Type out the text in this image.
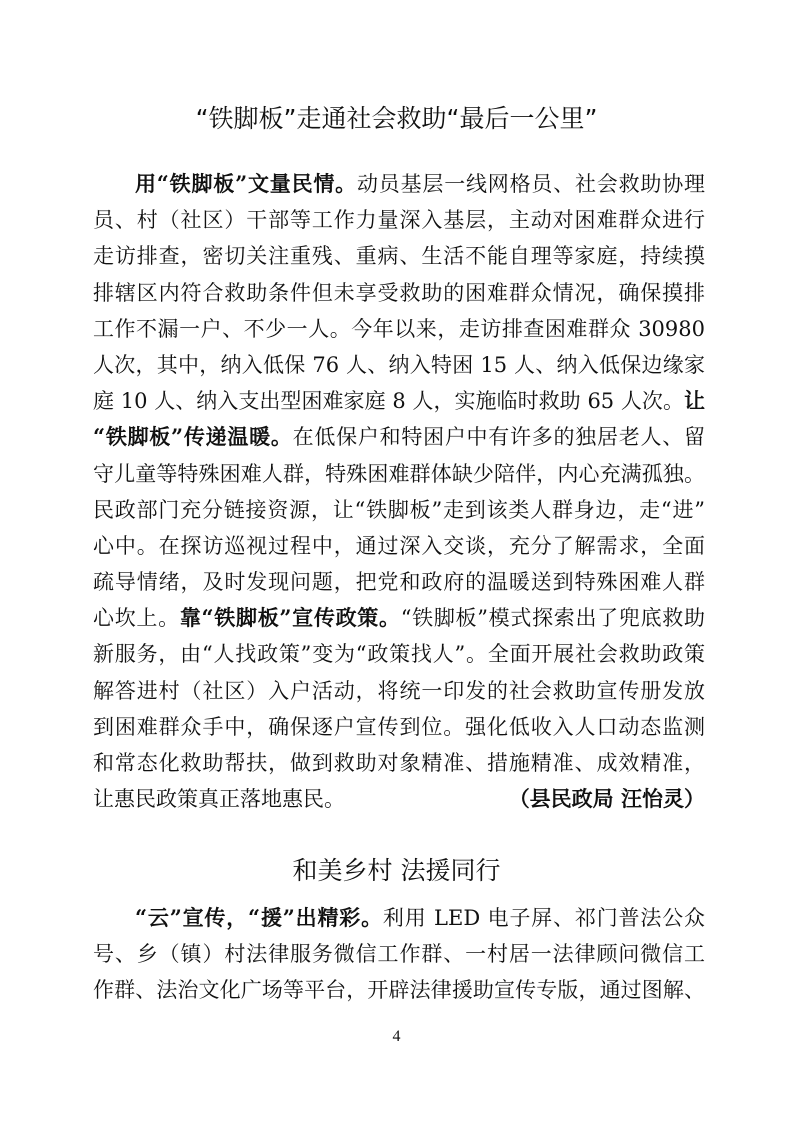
“铁脚板”走通社会救助“最后一公里”
用“铁脚板”文量民情。动员基层一线网格员、社会救助协理
员、村（社区）干部等工作力量深入基层，主动对困难群众进行
走访排查，密切关注重残、重病、生活不能自理等家庭，持续摸
排辖区内符合救助条件但未享受救助的困难群众情况，确保摸排
工作不漏一户、不少一人。今年以来，走访排查困难群众 30980
人次，其中，纳入低保 76 人、纳入特困 15 人、纳入低保边缘家
庭 10 人、纳入支出型困难家庭 8 人，实施临时救助 65 人次。让
“铁脚板”传递温暖。在低保户和特困户中有许多的独居老人、留
守儿童等特殊困难人群，特殊困难群体缺少陪伴，内心充满孤独。
民政部门充分链接资源，让“铁脚板”走到该类人群身边，走“进”
心中。在探访巡视过程中，通过深入交谈，充分了解需求，全面
疏导情绪，及时发现问题，把党和政府的温暖送到特殊困难人群
心坎上。靠“铁脚板”宣传政策。“铁脚板”模式探索出了兜底救助
新服务，由“人找政策”变为“政策找人”。全面开展社会救助政策
解答进村（社区）入户活动，将统一印发的社会救助宣传册发放
到困难群众手中，确保逐户宣传到位。强化低收入人口动态监测
和常态化救助帮扶，做到救助对象精准、措施精准、成效精准，
让惠民政策真正落地惠民。	（县民政局 汪怡灵）
和美乡村 法援同行
“云”宣传，“援”出精彩。利用 LED 电子屏、祁门普法公众
号、乡（镇）村法律服务微信工作群、一村居一法律顾问微信工
作群、法治文化广场等平台，开辟法律援助宣传专版，通过图解、
4
